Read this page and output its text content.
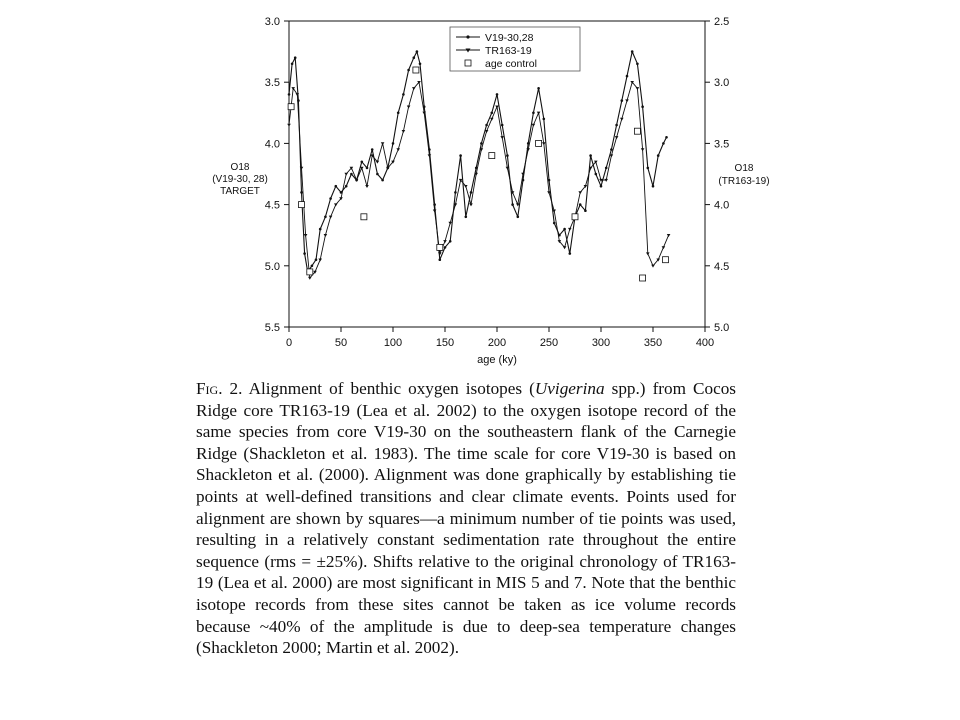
0	50	100	150	200	250	300	350	400
3.0
3.5
4.0
4.5
5.0
5.5
2.5
3.0
3.5
4.0
4.5
5.0
age (ky)
O18
(V19-30, 28)
TARGET
O18
(TR163-19)
V19-30,28
TR163-19
age control

Fig. 2. Alignment of benthic oxygen isotopes (Uvigerina spp.) from Cocos Ridge core TR163-19 (Lea et al. 2002) to the oxygen isotope record of the same species from core V19-30 on the southeastern flank of the Carnegie Ridge (Shackleton et al. 1983). The time scale for core V19-30 is based on Shackleton et al. (2000). Alignment was done graphically by establishing tie points at well-defined transitions and clear climate events. Points used for alignment are shown by squares—a minimum number of tie points was used, resulting in a relatively constant sedimentation rate throughout the entire sequence (rms = ±25%). Shifts relative to the original chronology of TR163-19 (Lea et al. 2000) are most significant in MIS 5 and 7. Note that the benthic isotope records from these sites cannot be taken as ice volume records because ~40% of the amplitude is due to deep-sea temperature changes (Shackleton 2000; Martin et al. 2002).
